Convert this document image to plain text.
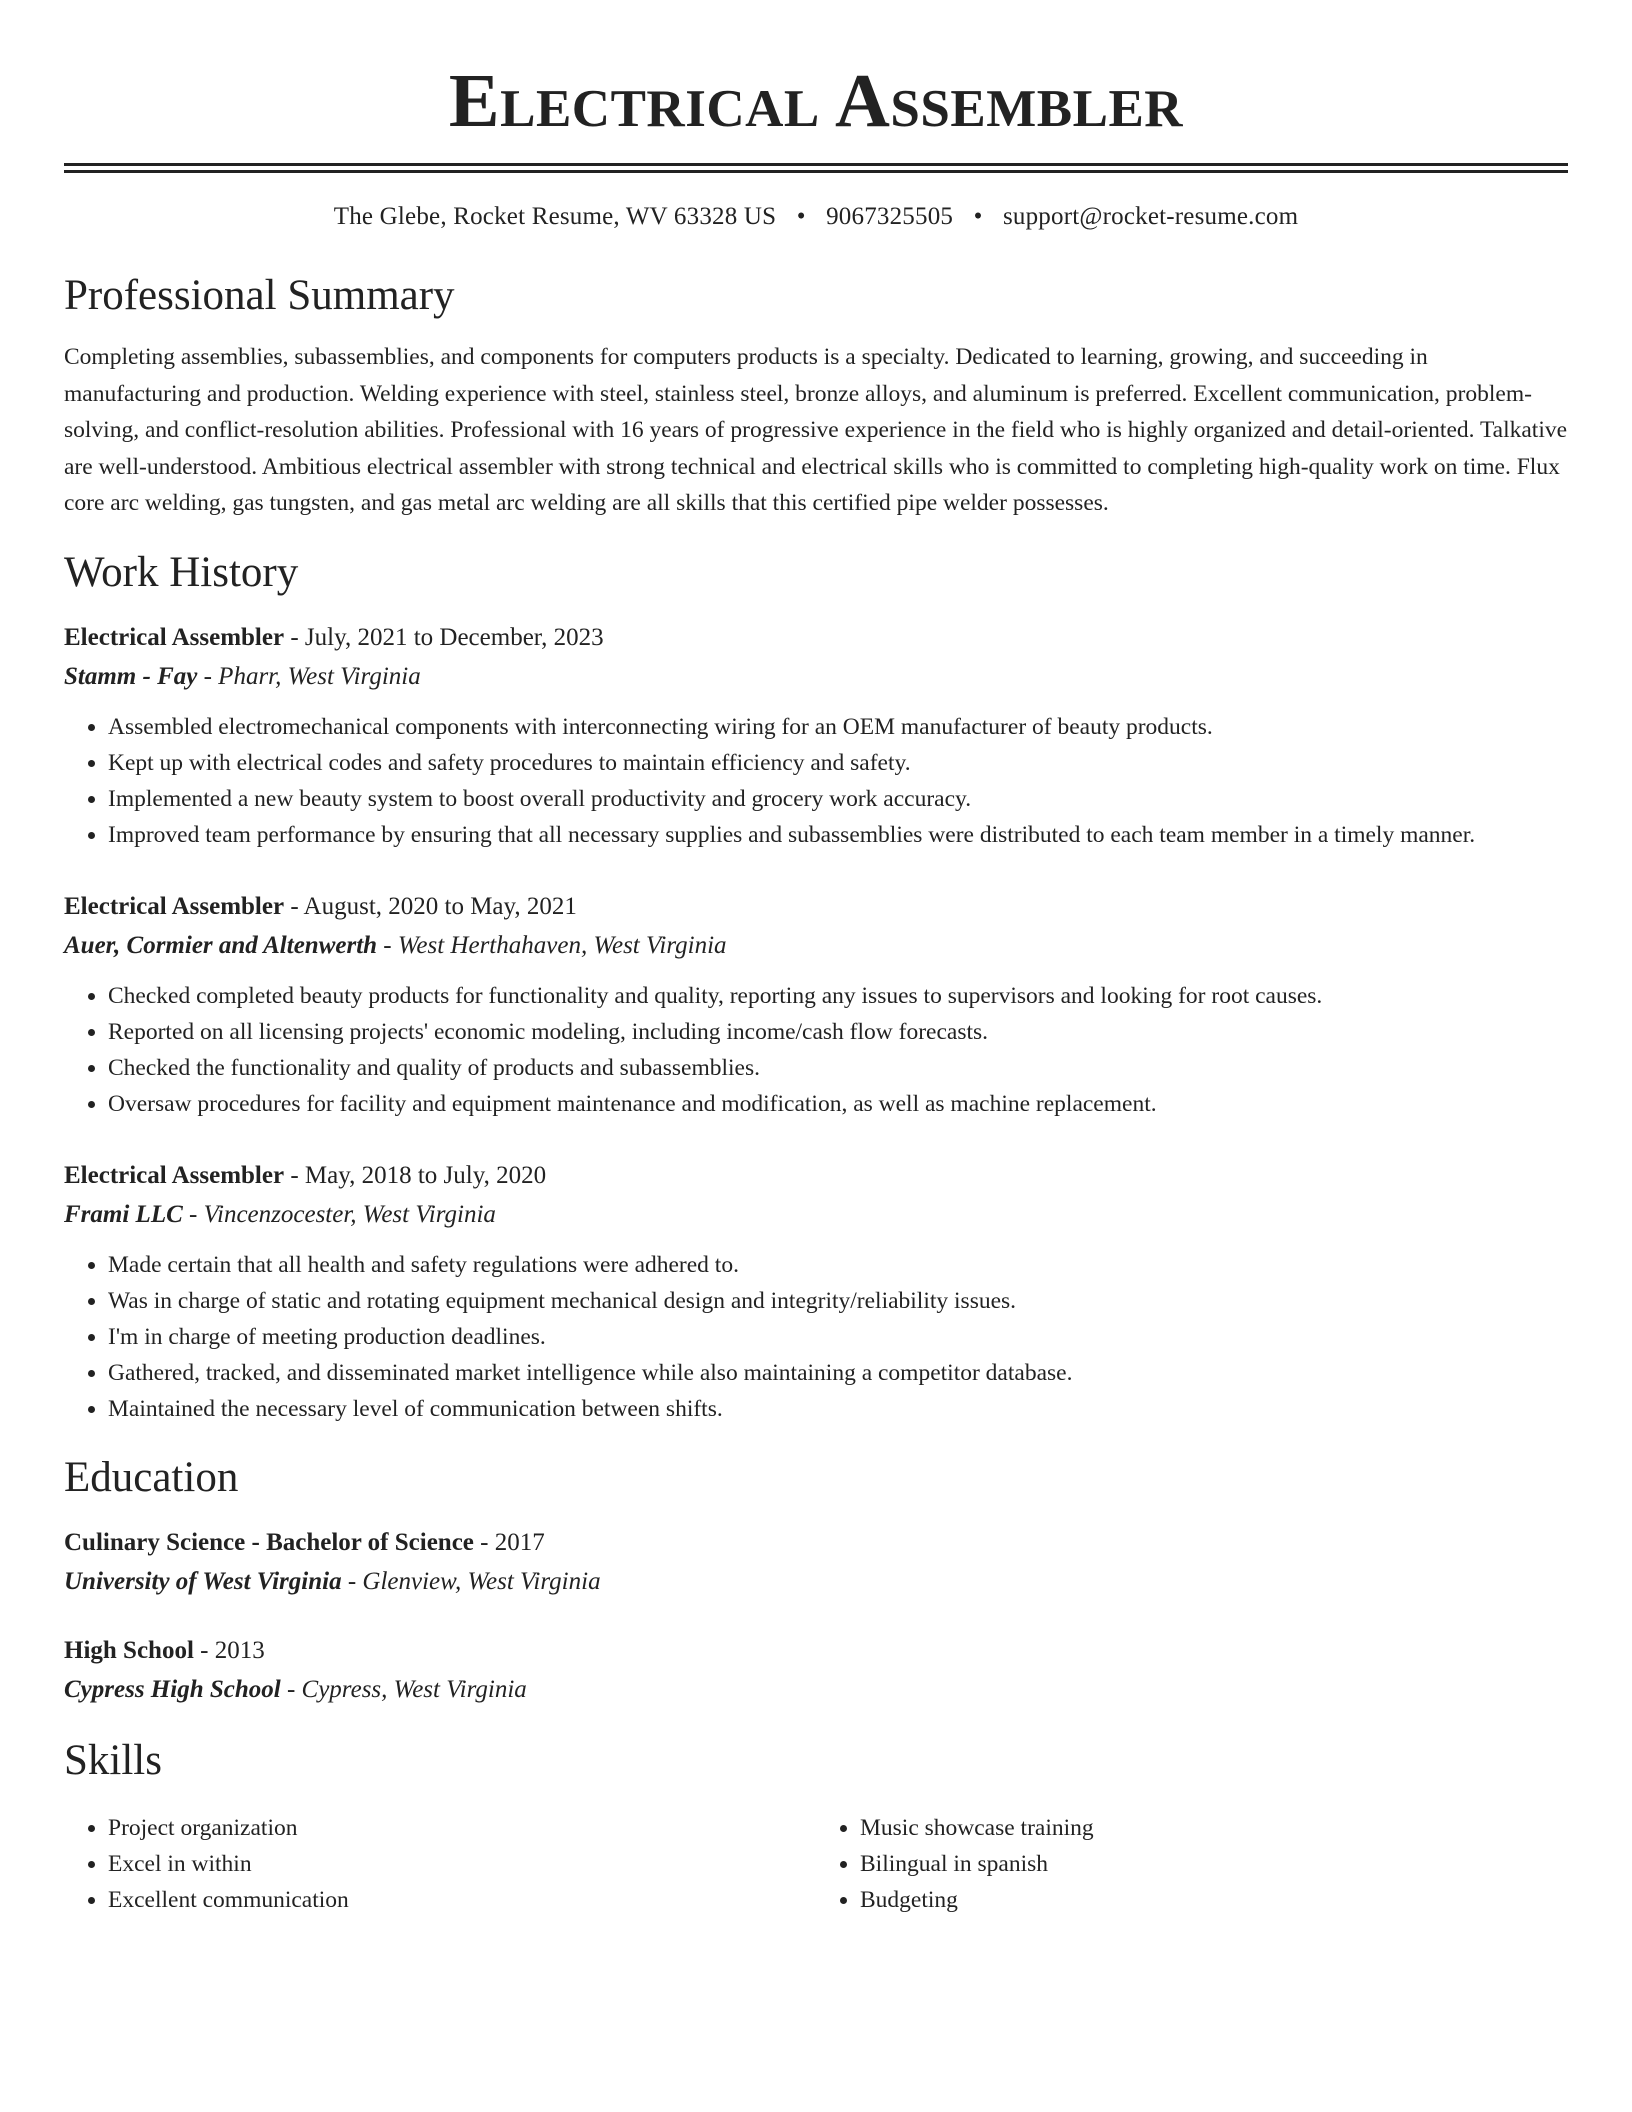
Electrical Assembler
The Glebe, Rocket Resume, WV 63328 US • 9067325505 • support@rocket-resume.com
Professional Summary

Completing assemblies, subassemblies, and components for computers products is a specialty. Dedicated to learning, growing, and succeeding in manufacturing and production. Welding experience with steel, stainless steel, bronze alloys, and aluminum is preferred. Excellent communication, problem-solving, and conflict-resolution abilities. Professional with 16 years of progressive experience in the field who is highly organized and detail-oriented. Talkative are well-understood. Ambitious electrical assembler with strong technical and electrical skills who is committed to completing high-quality work on time. Flux core arc welding, gas tungsten, and gas metal arc welding are all skills that this certified pipe welder possesses.

Work History
Electrical Assembler - July, 2021 to December, 2023
Stamm - Fay - Pharr, West Virginia
• Assembled electromechanical components with interconnecting wiring for an OEM manufacturer of beauty products.
• Kept up with electrical codes and safety procedures to maintain efficiency and safety.
• Implemented a new beauty system to boost overall productivity and grocery work accuracy.
• Improved team performance by ensuring that all necessary supplies and subassemblies were distributed to each team member in a timely manner.
Electrical Assembler - August, 2020 to May, 2021
Auer, Cormier and Altenwerth - West Herthahaven, West Virginia
• Checked completed beauty products for functionality and quality, reporting any issues to supervisors and looking for root causes.
• Reported on all licensing projects' economic modeling, including income/cash flow forecasts.
• Checked the functionality and quality of products and subassemblies.
• Oversaw procedures for facility and equipment maintenance and modification, as well as machine replacement.
Electrical Assembler - May, 2018 to July, 2020
Frami LLC - Vincenzocester, West Virginia
• Made certain that all health and safety regulations were adhered to.
• Was in charge of static and rotating equipment mechanical design and integrity/reliability issues.
• I'm in charge of meeting production deadlines.
• Gathered, tracked, and disseminated market intelligence while also maintaining a competitor database.
• Maintained the necessary level of communication between shifts.
Education
Culinary Science - Bachelor of Science - 2017
University of West Virginia - Glenview, West Virginia
High School - 2013
Cypress High School - Cypress, West Virginia
Skills
• Project organization
• Excel in within
• Excellent communication
• Music showcase training
• Bilingual in spanish
• Budgeting
